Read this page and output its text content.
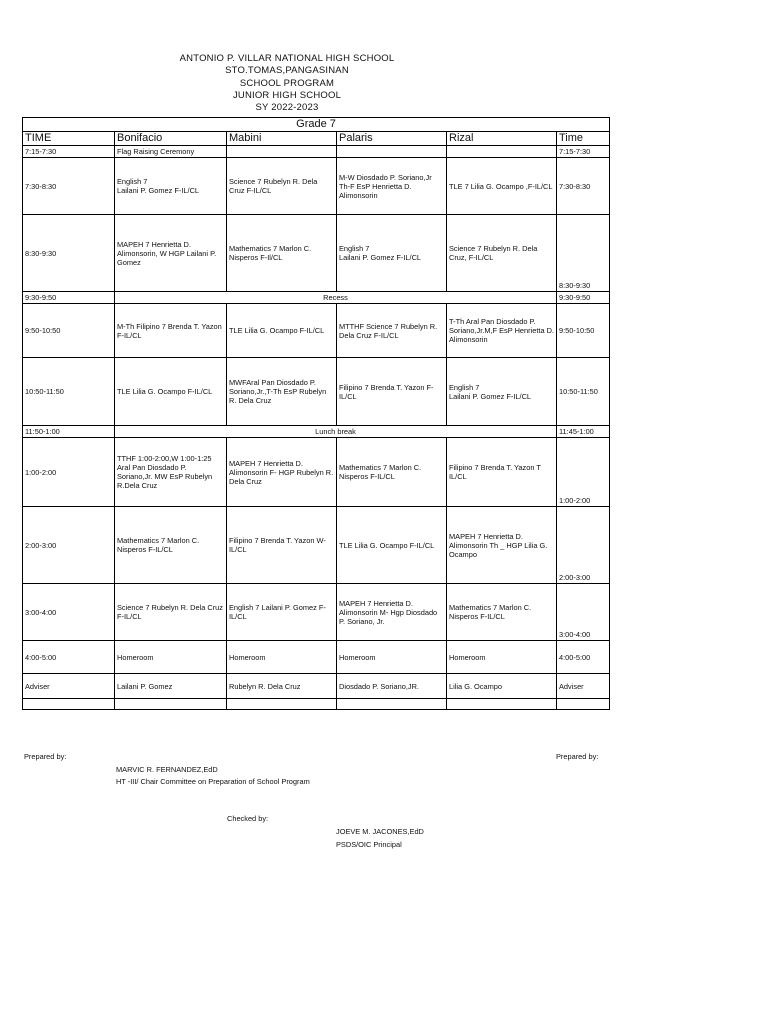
ANTONIO P. VILLAR NATIONAL HIGH SCHOOL
STO.TOMAS,PANGASINAN
SCHOOL PROGRAM
JUNIOR HIGH SCHOOL
SY 2022-2023
Grade 7					
TIME	Bonifacio	Mabini	Palaris	Rizal	Time
7:15-7:30	Flag Raising Ceremony				7:15-7:30
7:30-8:30	English 7
Lailani P. Gomez F-IL/CL	Science 7 Rubelyn R. Dela Cruz F-IL/CL	M-W Diosdado P. Soriano,Jr Th-F EsP Henrietta D. Alimonsorin	TLE 7 Lilia G. Ocampo ,F-IL/CL	7:30-8:30
8:30-9:30	MAPEH 7 Henrietta D. Alimonsorin, W HGP Lailani P. Gomez	Mathematics 7 Marlon C. Nisperos F-Il/CL	English 7
Lailani P. Gomez F-IL/CL	Science 7 Rubelyn R. Dela Cruz, F-IL/CL	8:30-9:30
9:30-9:50	Recess				9:30-9:50
9:50-10:50	M-Th Filipino 7 Brenda T. Yazon F-IL/CL	TLE Lilia G. Ocampo F-IL/CL	MTTHF Science 7 Rubelyn R. Dela Cruz F-IL/CL	T-Th Aral Pan Diosdado P. Soriano,Jr.M,F EsP Henrietta D. Alimonsorin	9:50-10:50
10:50-11:50	TLE Lilia G. Ocampo F-IL/CL	MWFAral Pan Diosdado P. Soriano,Jr.,T-Th EsP Rubelyn R. Dela Cruz	Filipino 7 Brenda T. Yazon F-IL/CL	English 7
Lailani P. Gomez F-IL/CL	10:50-11:50
11:50-1:00	Lunch break				11:45-1:00
1:00-2:00	TTHF 1:00-2:00,W 1:00-1:25 Aral Pan Diosdado P. Soriano,Jr. MW EsP Rubelyn R.Dela Cruz	MAPEH 7 Henrietta D. Alimonsorin F- HGP Rubelyn R. Dela Cruz	Mathematics 7 Marlon C. Nisperos F-IL/CL	Filipino 7 Brenda T. Yazon T IL/CL	1:00-2:00
2:00-3:00	Mathematics 7 Marlon C. Nisperos F-IL/CL	Filipino 7 Brenda T. Yazon W-IL/CL	TLE Lilia G. Ocampo F-IL/CL	MAPEH 7 Henrietta D. Alimonsorin Th _ HGP Lilia G. Ocampo	2:00-3:00
3:00-4:00	Science 7 Rubelyn R. Dela Cruz F-IL/CL	English 7 Lailani P. Gomez F-IL/CL	MAPEH 7 Henrietta D. Alimonsorin M- Hgp Diosdado P. Soriano, Jr.	Mathematics 7 Marlon C. Nisperos F-IL/CL	3:00-4:00
4:00-5:00	Homeroom	Homeroom	Homeroom	Homeroom	4:00-5:00
Adviser	Lailani P. Gomez	Rubelyn R. Dela Cruz	Diosdado P. Soriano,JR.	Lilia G. Ocampo	Adviser

Prepared by:	Prepared by:
MARVIC R. FERNANDEZ,EdD
HT -III/ Chair Committee on Preparation of School Program
Checked by:
JOEVE M. JACONES,EdD
PSDS/OIC Principal
